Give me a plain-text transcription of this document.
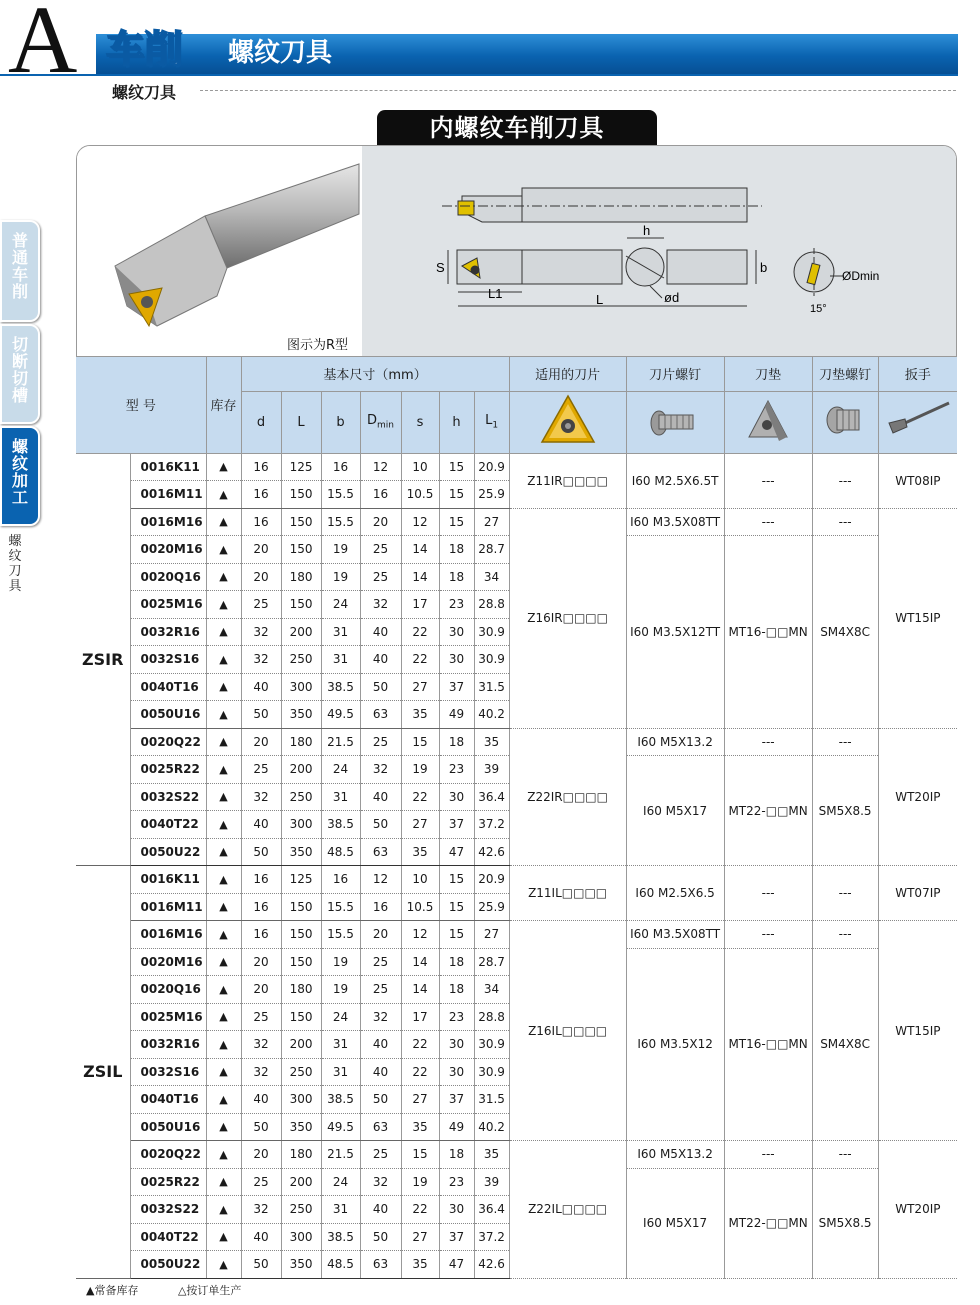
A 车削 螺纹刀具
螺纹刀具
内螺纹车削刀具
普通车削
切断切槽
螺纹加工
螺纹刀具
h
b
S
L1	L	ød
ØDmin
15°
图示为R型
型 号		库存	基本尺寸（mm）							适用的刀片	刀片螺钉	刀垫	刀垫螺钉	扳手
			d	L	b	$D_{min}$	s	h	$L_1$					
ZSIR	0016K11	▲	16	125	16	12	10	15	20.9	Z11IR□□□□	I60 M2.5X6.5T	---	---	WT08IP
	0016M11	▲	16	150	15.5	16	10.5	15	25.9					
	0016M16	▲	16	150	15.5	20	12	15	27	Z16IR□□□□	I60 M3.5X08TT	---	---	WT15IP
	0020M16	▲	20	150	19	25	14	18	28.7		I60 M3.5X12TT	MT16-□□MN	SM4X8C	
	0020Q16	▲	20	180	19	25	14	18	34					
	0025M16	▲	25	150	24	32	17	23	28.8					
	0032R16	▲	32	200	31	40	22	30	30.9					
	0032S16	▲	32	250	31	40	22	30	30.9					
	0040T16	▲	40	300	38.5	50	27	37	31.5					
	0050U16	▲	50	350	49.5	63	35	49	40.2					
	0020Q22	▲	20	180	21.5	25	15	18	35	Z22IR□□□□	I60 M5X13.2	---	---	WT20IP
	0025R22	▲	25	200	24	32	19	23	39		I60 M5X17	MT22-□□MN	SM5X8.5	
	0032S22	▲	32	250	31	40	22	30	36.4					
	0040T22	▲	40	300	38.5	50	27	37	37.2					
	0050U22	▲	50	350	48.5	63	35	47	42.6					
ZSIL	0016K11	▲	16	125	16	12	10	15	20.9	Z11IL□□□□	I60 M2.5X6.5	---	---	WT07IP
	0016M11	▲	16	150	15.5	16	10.5	15	25.9					
	0016M16	▲	16	150	15.5	20	12	15	27	Z16IL□□□□	I60 M3.5X08TT	---	---	WT15IP
	0020M16	▲	20	150	19	25	14	18	28.7		I60 M3.5X12	MT16-□□MN	SM4X8C	
	0020Q16	▲	20	180	19	25	14	18	34					
	0025M16	▲	25	150	24	32	17	23	28.8					
	0032R16	▲	32	200	31	40	22	30	30.9					
	0032S16	▲	32	250	31	40	22	30	30.9					
	0040T16	▲	40	300	38.5	50	27	37	31.5					
	0050U16	▲	50	350	49.5	63	35	49	40.2					
	0020Q22	▲	20	180	21.5	25	15	18	35	Z22IL□□□□	I60 M5X13.2	---	---	WT20IP
	0025R22	▲	25	200	24	32	19	23	39		I60 M5X17	MT22-□□MN	SM5X8.5	
	0032S22	▲	32	250	31	40	22	30	36.4					
	0040T22	▲	40	300	38.5	50	27	37	37.2					
	0050U22	▲	50	350	48.5	63	35	47	42.6					
▲常备库存	△按订单生产
